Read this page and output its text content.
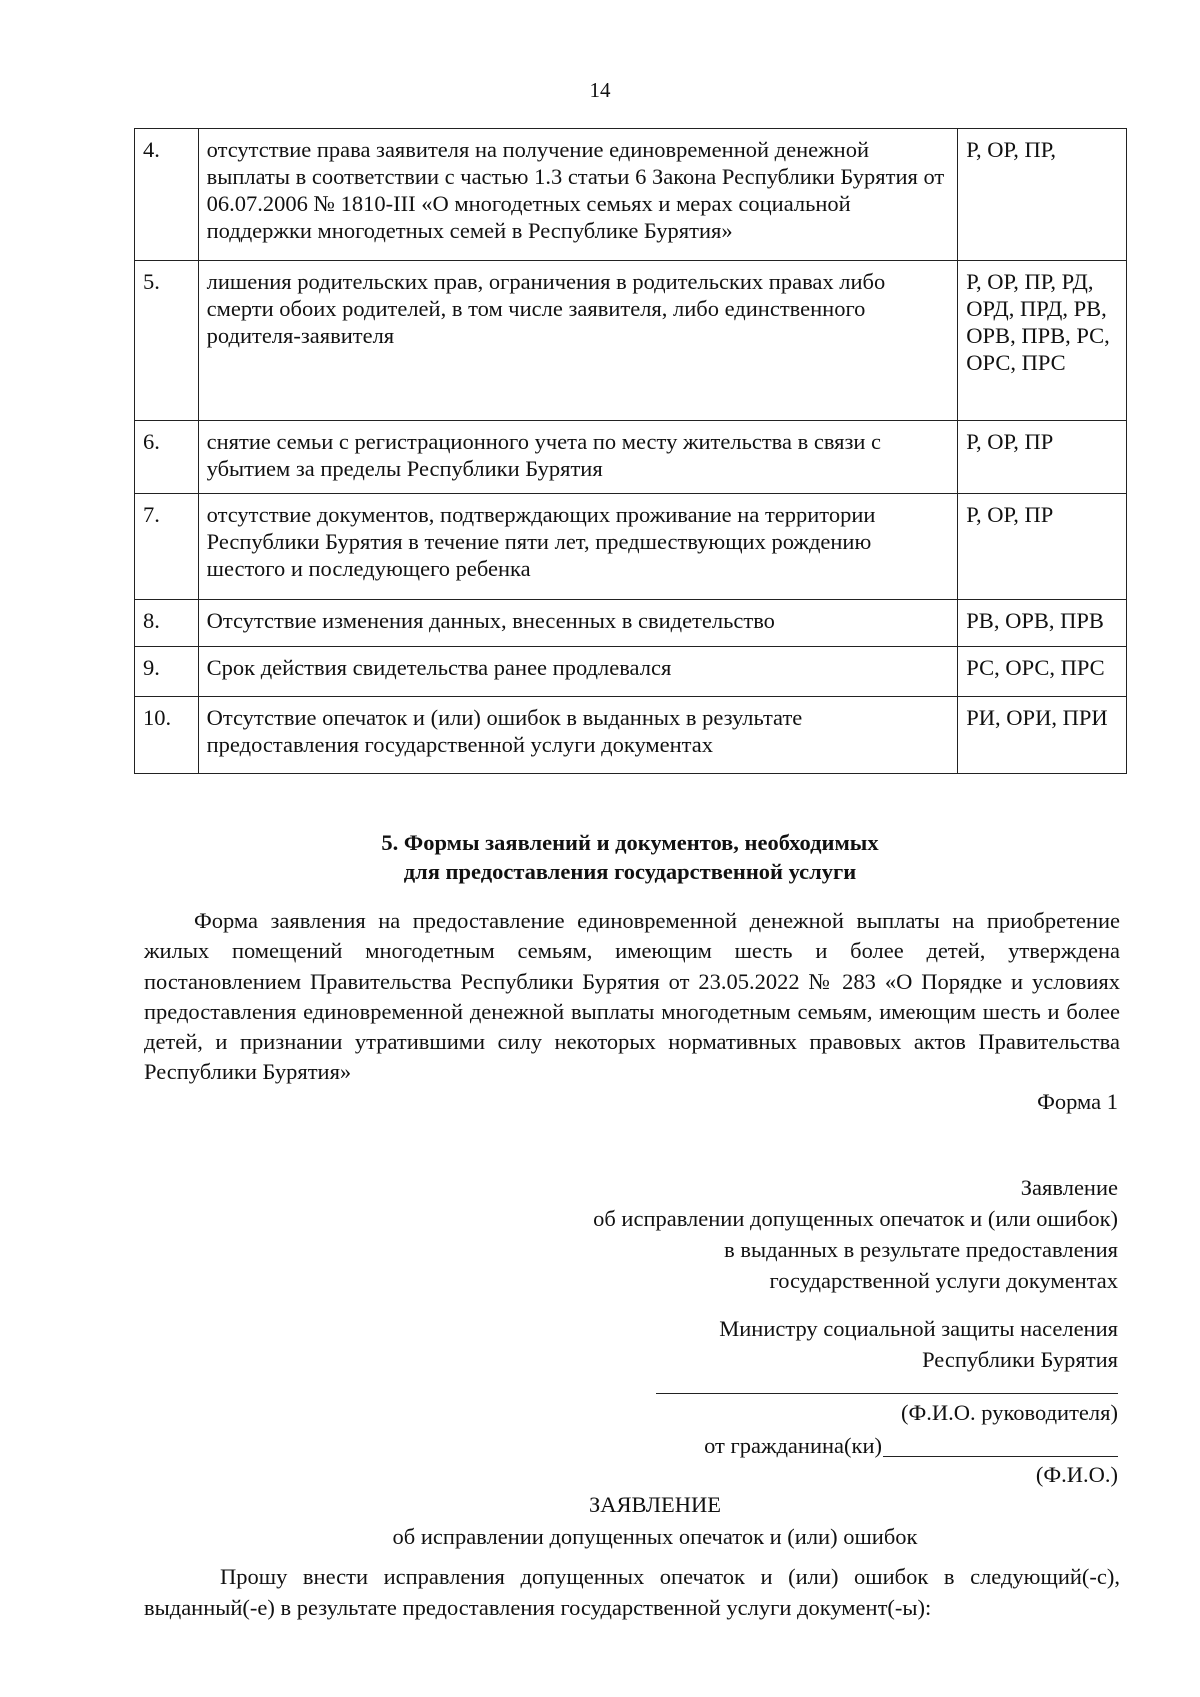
14
4.	отсутствие права заявителя на получение единовременной денежной выплаты в соответствии с частью 1.3 статьи 6 Закона Республики Бурятия от 06.07.2006 № 1810-III «О многодетных семьях и мерах социальной поддержки многодетных семей в Республике Бурятия»	Р, ОР, ПР,
5.	лишения родительских прав, ограничения в родительских правах либо смерти обоих родителей, в том числе заявителя, либо единственного родителя-заявителя	Р, ОР, ПР, РД, ОРД, ПРД, РВ, ОРВ, ПРВ, РС, ОРС, ПРС
6.	снятие семьи с регистрационного учета по месту жительства в связи с убытием за пределы Республики Бурятия	Р, ОР, ПР
7.	отсутствие документов, подтверждающих проживание на территории Республики Бурятия в течение пяти лет, предшествующих рождению шестого и последующего ребенка	Р, ОР, ПР
8.	Отсутствие изменения данных, внесенных в свидетельство	РВ, ОРВ, ПРВ
9.	Срок действия свидетельства ранее продлевался	РС, ОРС, ПРС
10.	Отсутствие опечаток и (или) ошибок в выданных в результате предоставления государственной услуги документах	РИ, ОРИ, ПРИ
5. Формы заявлений и документов, необходимых
для предоставления государственной услуги
Форма заявления на предоставление единовременной денежной выплаты на приобретение жилых помещений многодетным семьям, имеющим шесть и более детей, утверждена постановлением Правительства Республики Бурятия от 23.05.2022 № 283 «О Порядке и условиях предоставления единовременной денежной выплаты многодетным семьям, имеющим шесть и более детей, и признании утратившими силу некоторых нормативных правовых актов Правительства Республики Бурятия»
Форма 1
Заявление
об исправлении допущенных опечаток и (или ошибок)
в выданных в результате предоставления
государственной услуги документах
Министру социальной защиты населения
Республики Бурятия
(Ф.И.О. руководителя)
от гражданина(ки)
(Ф.И.О.)
ЗАЯВЛЕНИЕ
об исправлении допущенных опечаток и (или) ошибок
Прошу внести исправления допущенных опечаток и (или) ошибок в следующий(-с), выданный(-е) в результате предоставления государственной услуги документ(-ы):
